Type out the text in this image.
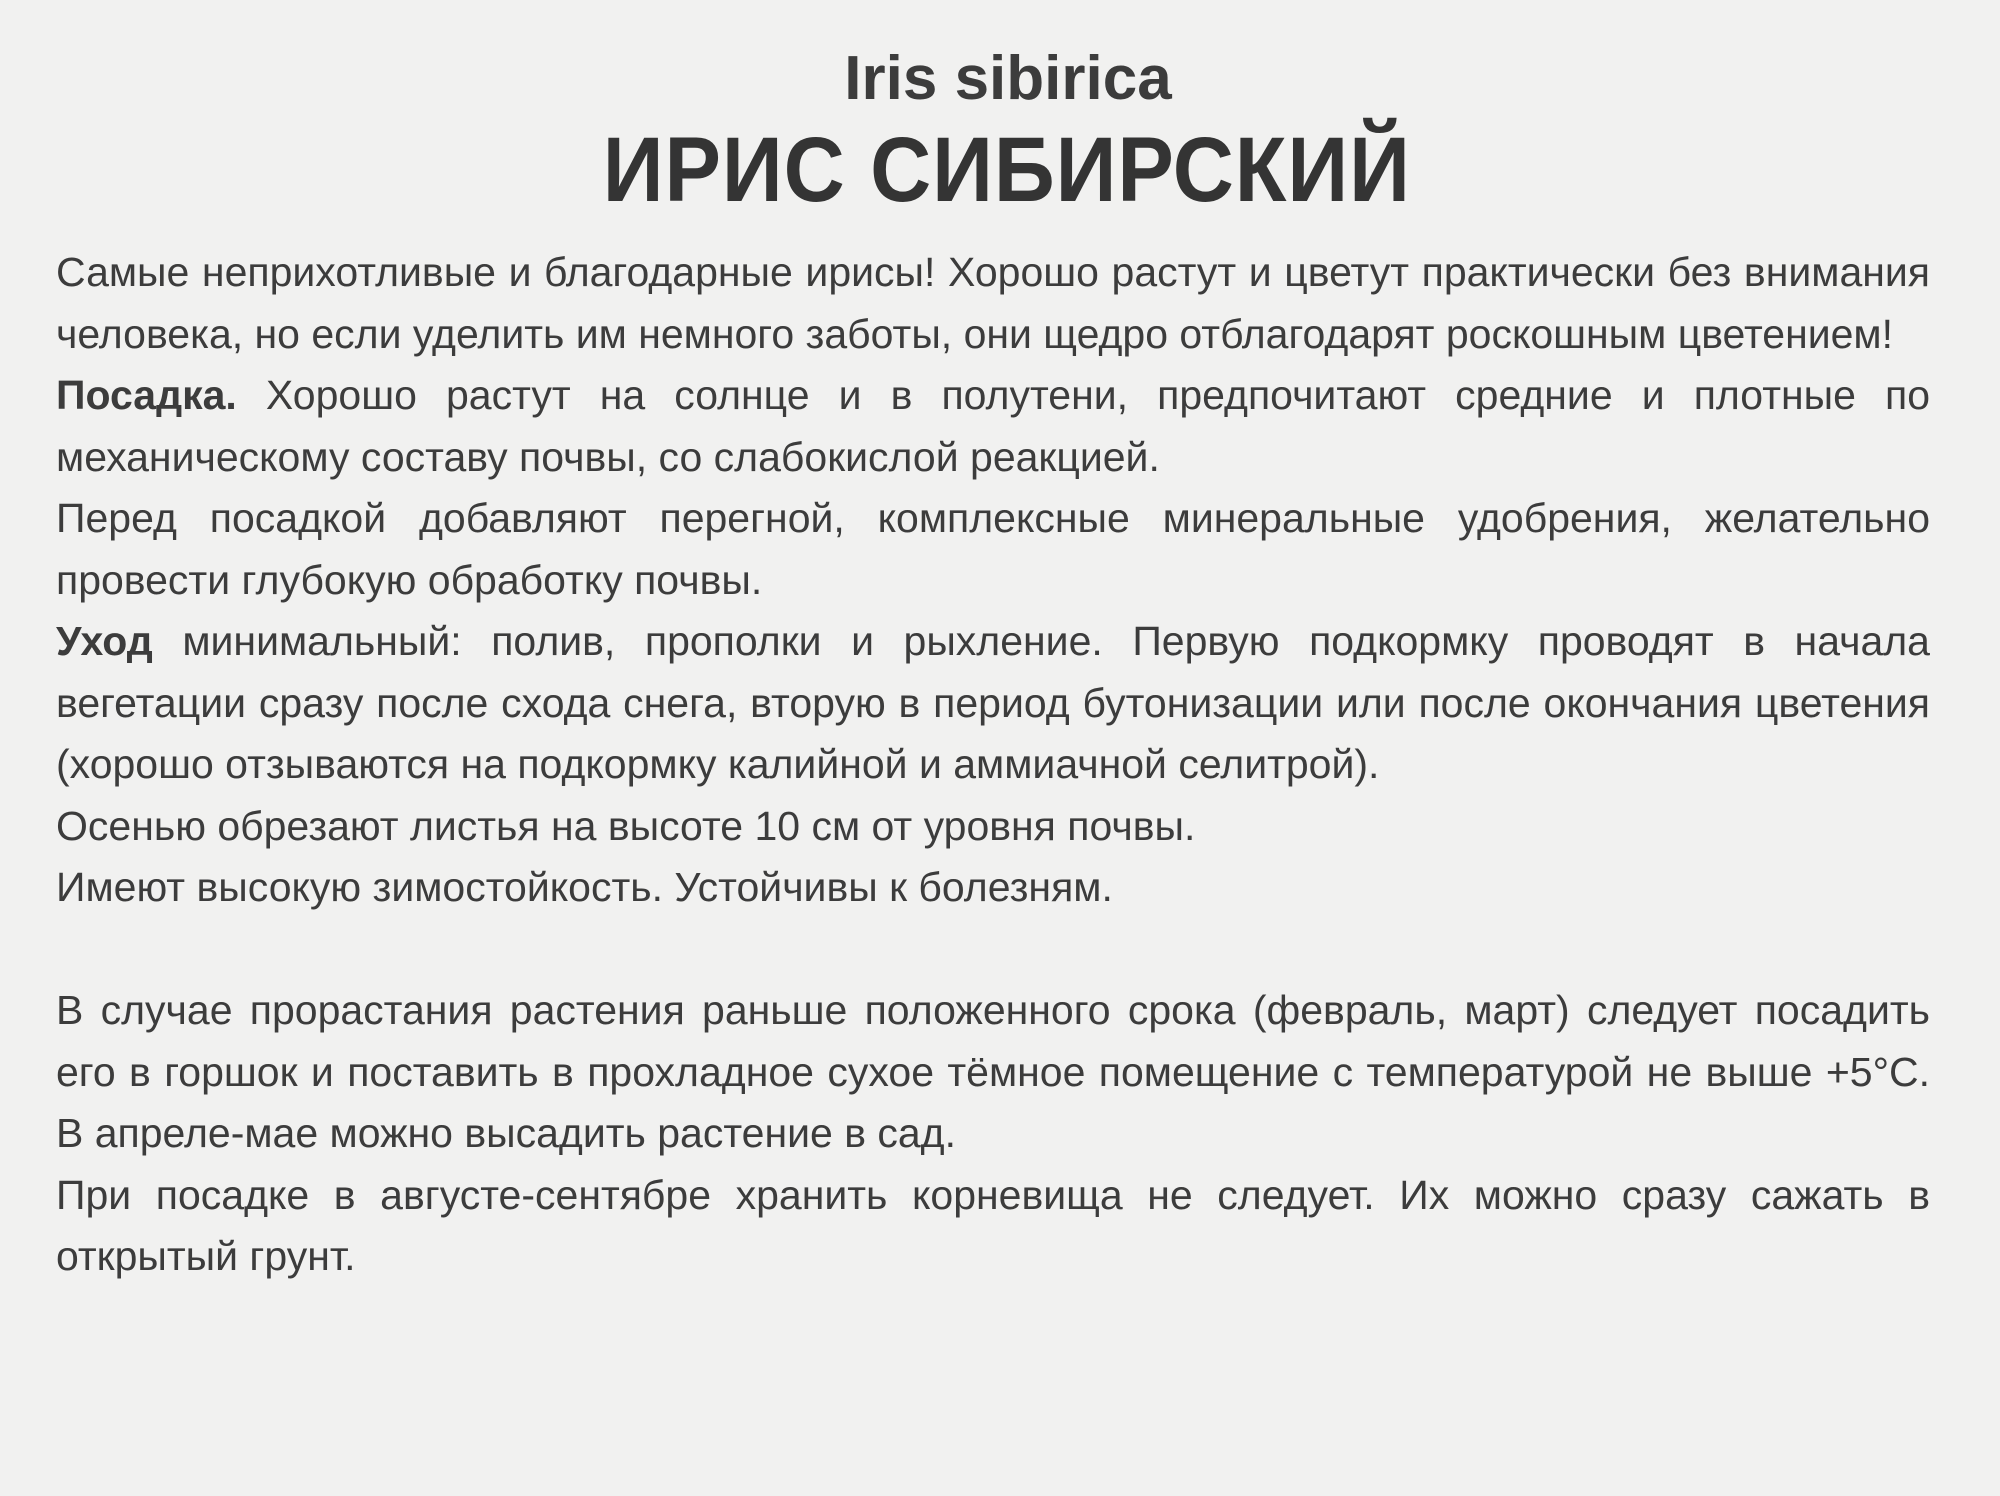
Iris sibirica
ИРИС СИБИРСКИЙ

Самые неприхотливые и благодарные ирисы! Хорошо растут и цветут практически без внимания человека, но если уделить им немного заботы, они щедро отблагодарят роскошным цветением!

Посадка. Хорошо растут на солнце и в полутени, предпочитают средние и плотные по механическому составу почвы, со слабокислой реакцией.

Перед посадкой добавляют перегной, комплексные минеральные удобрения, желательно провести глубокую обработку почвы.

Уход минимальный: полив, прополки и рыхление. Первую подкормку проводят в начала вегетации сразу после схода снега, вторую в период бутонизации или после окончания цветения (хорошо отзываются на подкормку калийной и аммиачной селитрой).

Осенью обрезают листья на высоте 10 см от уровня почвы.

Имеют высокую зимостойкость. Устойчивы к болезням.

В случае прорастания растения раньше положенного срока (февраль, март) следует посадить его в горшок и поставить в прохладное сухое тёмное помещение с температурой не выше +5°С. В апреле-мае можно высадить растение в сад.

При посадке в августе-сентябре хранить корневища не следует. Их можно сразу сажать в открытый грунт.
